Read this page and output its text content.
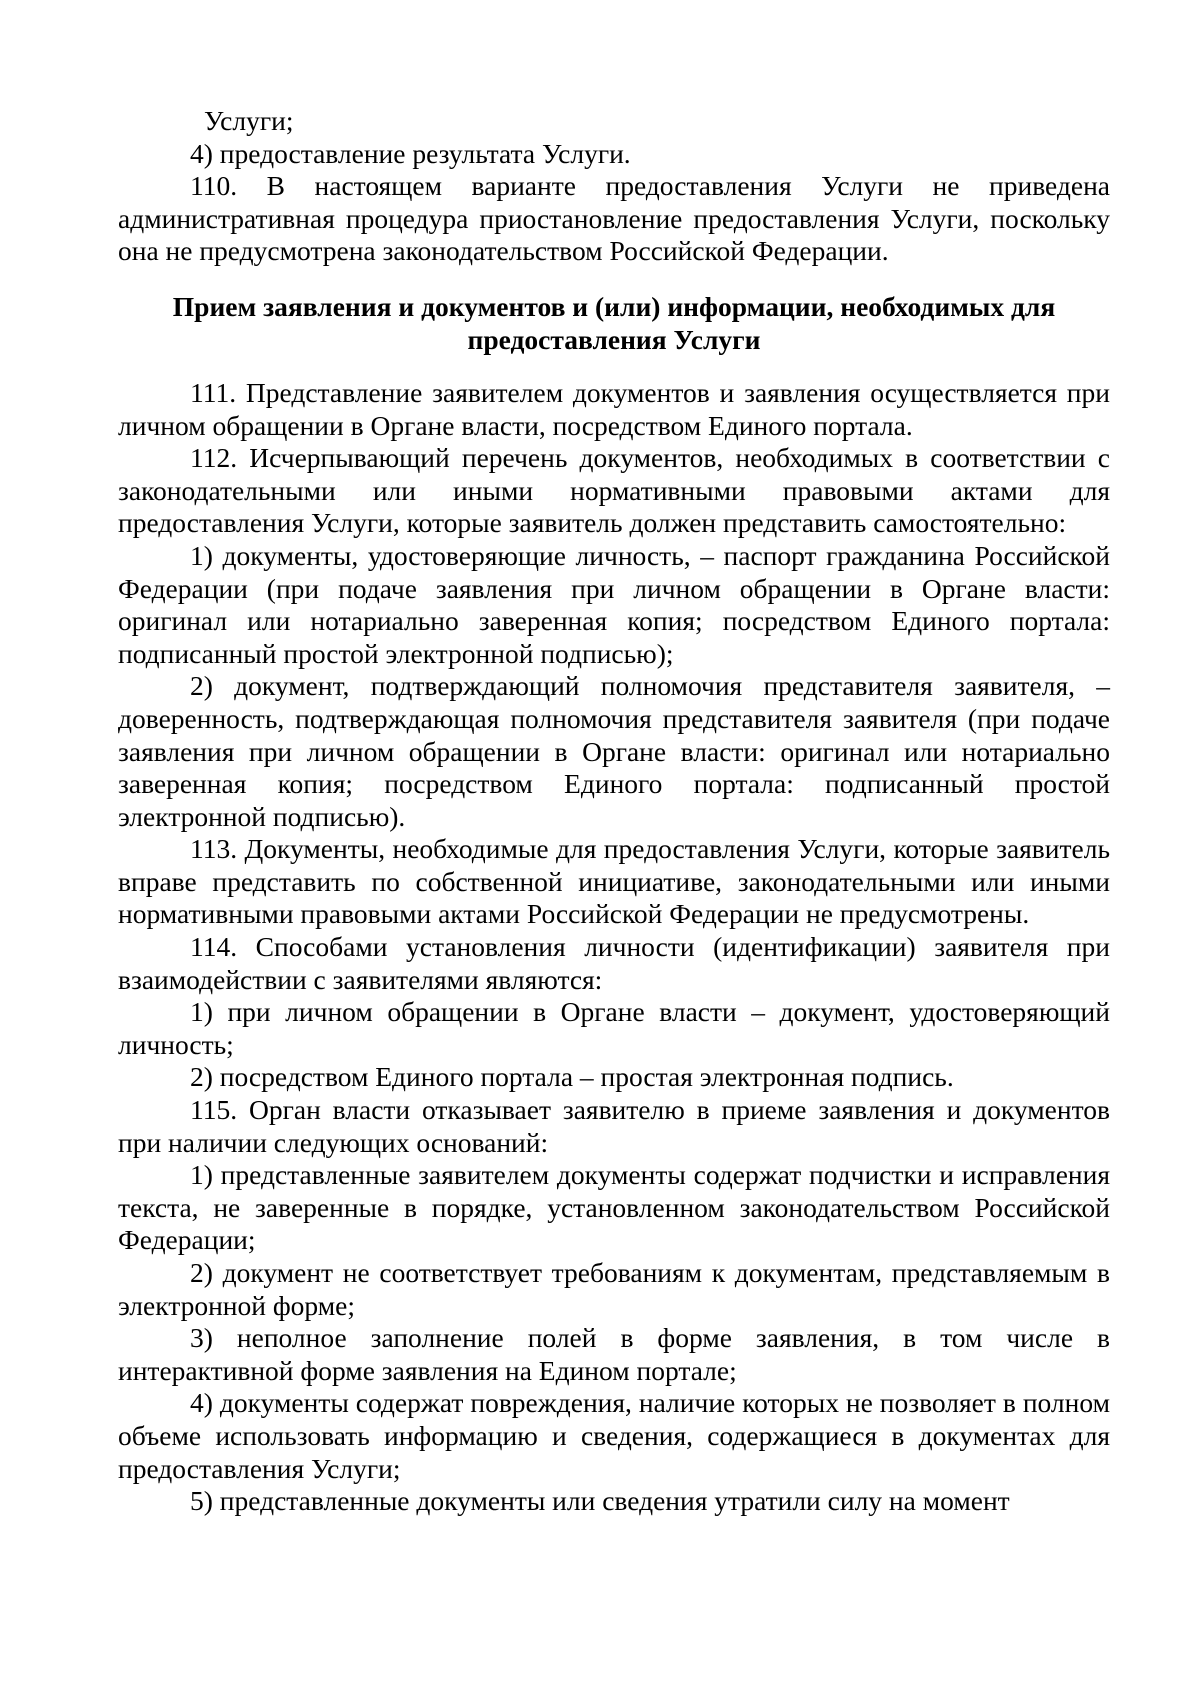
Услуги;

4) предоставление результата Услуги.

110. В настоящем варианте предоставления Услуги не приведена административная процедура приостановление предоставления Услуги, поскольку она не предусмотрена законодательством Российской Федерации.

Прием заявления и документов и (или) информации, необходимых для
предоставления Услуги

111. Представление заявителем документов и заявления осуществляется при личном обращении в Органе власти, посредством Единого портала.

112. Исчерпывающий перечень документов, необходимых в соответствии с законодательными или иными нормативными правовыми актами для предоставления Услуги, которые заявитель должен представить самостоятельно:

1) документы, удостоверяющие личность, – паспорт гражданина Российской Федерации (при подаче заявления при личном обращении в Органе власти: оригинал или нотариально заверенная копия; посредством Единого портала: подписанный простой электронной подписью);

2) документ, подтверждающий полномочия представителя заявителя, – доверенность, подтверждающая полномочия представителя заявителя (при подаче заявления при личном обращении в Органе власти: оригинал или нотариально заверенная копия; посредством Единого портала: подписанный простой электронной подписью).

113. Документы, необходимые для предоставления Услуги, которые заявитель вправе представить по собственной инициативе, законодательными или иными нормативными правовыми актами Российской Федерации не предусмотрены.

114. Способами установления личности (идентификации) заявителя при взаимодействии с заявителями являются:

1) при личном обращении в Органе власти – документ, удостоверяющий личность;

2) посредством Единого портала – простая электронная подпись.

115. Орган власти отказывает заявителю в приеме заявления и документов при наличии следующих оснований:

1) представленные заявителем документы содержат подчистки и исправления текста, не заверенные в порядке, установленном законодательством Российской Федерации;

2) документ не соответствует требованиям к документам, представляемым в электронной форме;

3) неполное заполнение полей в форме заявления, в том числе в интерактивной форме заявления на Едином портале;

4) документы содержат повреждения, наличие которых не позволяет в полном объеме использовать информацию и сведения, содержащиеся в документах для предоставления Услуги;

5) представленные документы или сведения утратили силу на момент
